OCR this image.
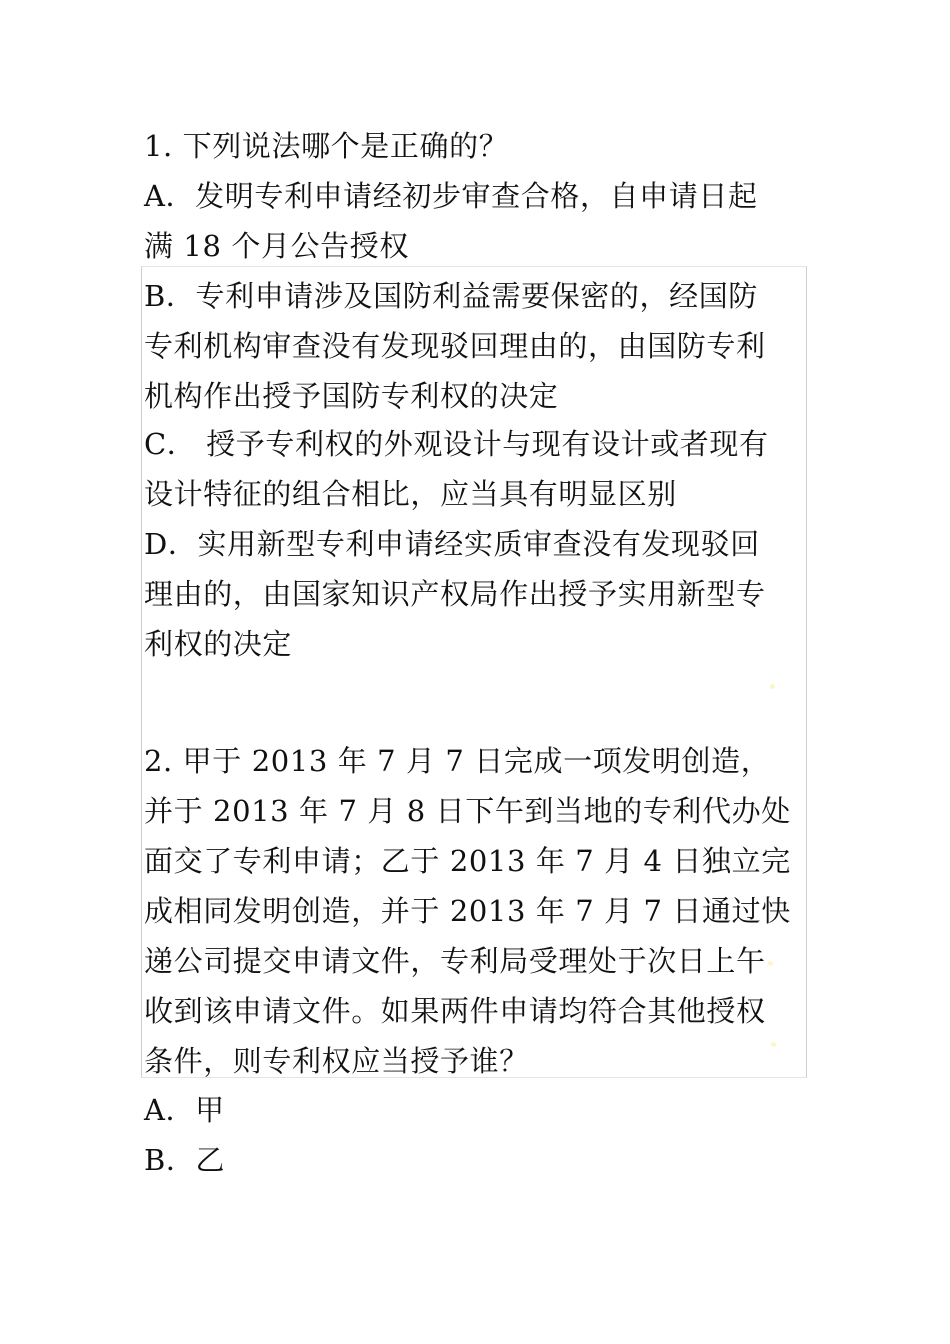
1. 下列说法哪个是正确的？
A．发明专利申请经初步审查合格，自申请日起
满 18 个月公告授权
B．专利申请涉及国防利益需要保密的，经国防
专利机构审查没有发现驳回理由的，由国防专利
机构作出授予国防专利权的决定
C． 授予专利权的外观设计与现有设计或者现有
设计特征的组合相比，应当具有明显区别
D．实用新型专利申请经实质审查没有发现驳回
理由的，由国家知识产权局作出授予实用新型专
利权的决定
2. 甲于 2013 年 7 月 7 日完成一项发明创造，
并于 2013 年 7 月 8 日下午到当地的专利代办处
面交了专利申请；乙于 2013 年 7 月 4 日独立完
成相同发明创造，并于 2013 年 7 月 7 日通过快
递公司提交申请文件，专利局受理处于次日上午
收到该申请文件。如果两件申请均符合其他授权
条件，则专利权应当授予谁？
A．甲
B．乙
